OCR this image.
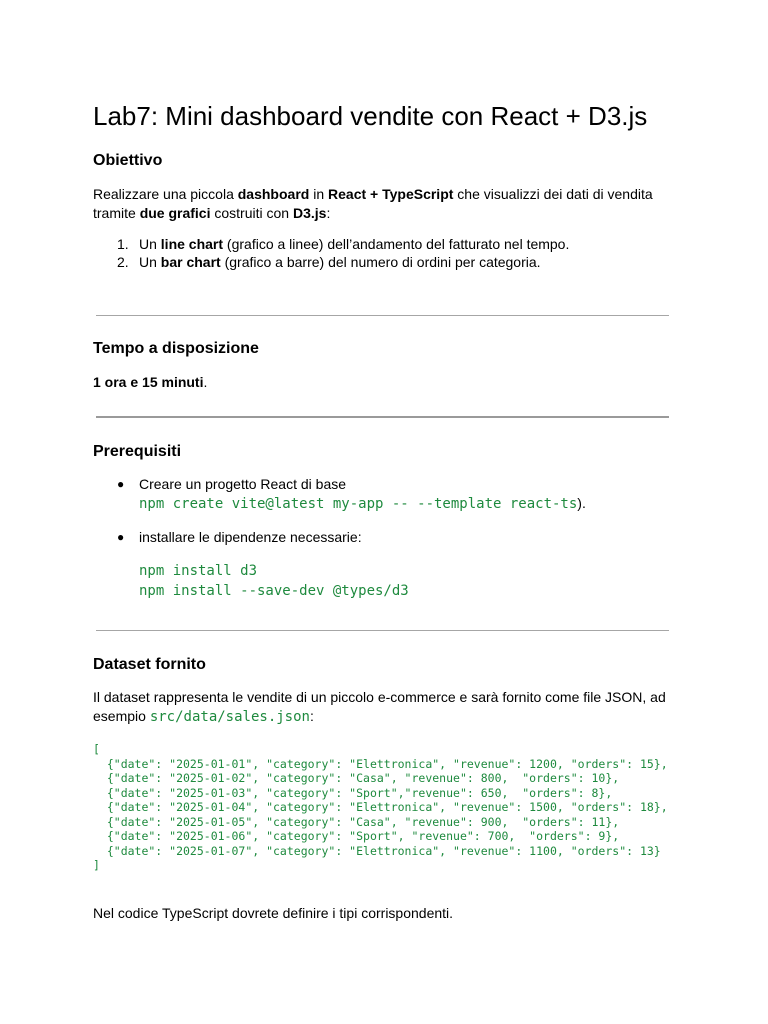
Lab7: Mini dashboard vendite con React + D3.js
Obiettivo
Realizzare una piccola dashboard in React + TypeScript che visualizzi dei dati di vendita
tramite due grafici costruiti con D3.js:
1. Un line chart (grafico a linee) dell’andamento del fatturato nel tempo.
2. Un bar chart (grafico a barre) del numero di ordini per categoria.
Tempo a disposizione
1 ora e 15 minuti.
Prerequisiti
● Creare un progetto React di base
npm create vite@latest my-app -- --template react-ts).
● installare le dipendenze necessarie:
npm install d3
npm install --save-dev @types/d3
Dataset fornito
Il dataset rappresenta le vendite di un piccolo e-commerce e sarà fornito come file JSON, ad
esempio src/data/sales.json:
[
{"date": "2025-01-01", "category": "Elettronica", "revenue": 1200, "orders": 15},
{"date": "2025-01-02", "category": "Casa", "revenue": 800,  "orders": 10},
{"date": "2025-01-03", "category": "Sport","revenue": 650,  "orders": 8},
{"date": "2025-01-04", "category": "Elettronica", "revenue": 1500, "orders": 18},
{"date": "2025-01-05", "category": "Casa", "revenue": 900,  "orders": 11},
{"date": "2025-01-06", "category": "Sport", "revenue": 700,  "orders": 9},
{"date": "2025-01-07", "category": "Elettronica", "revenue": 1100, "orders": 13}
]
Nel codice TypeScript dovrete definire i tipi corrispondenti.
